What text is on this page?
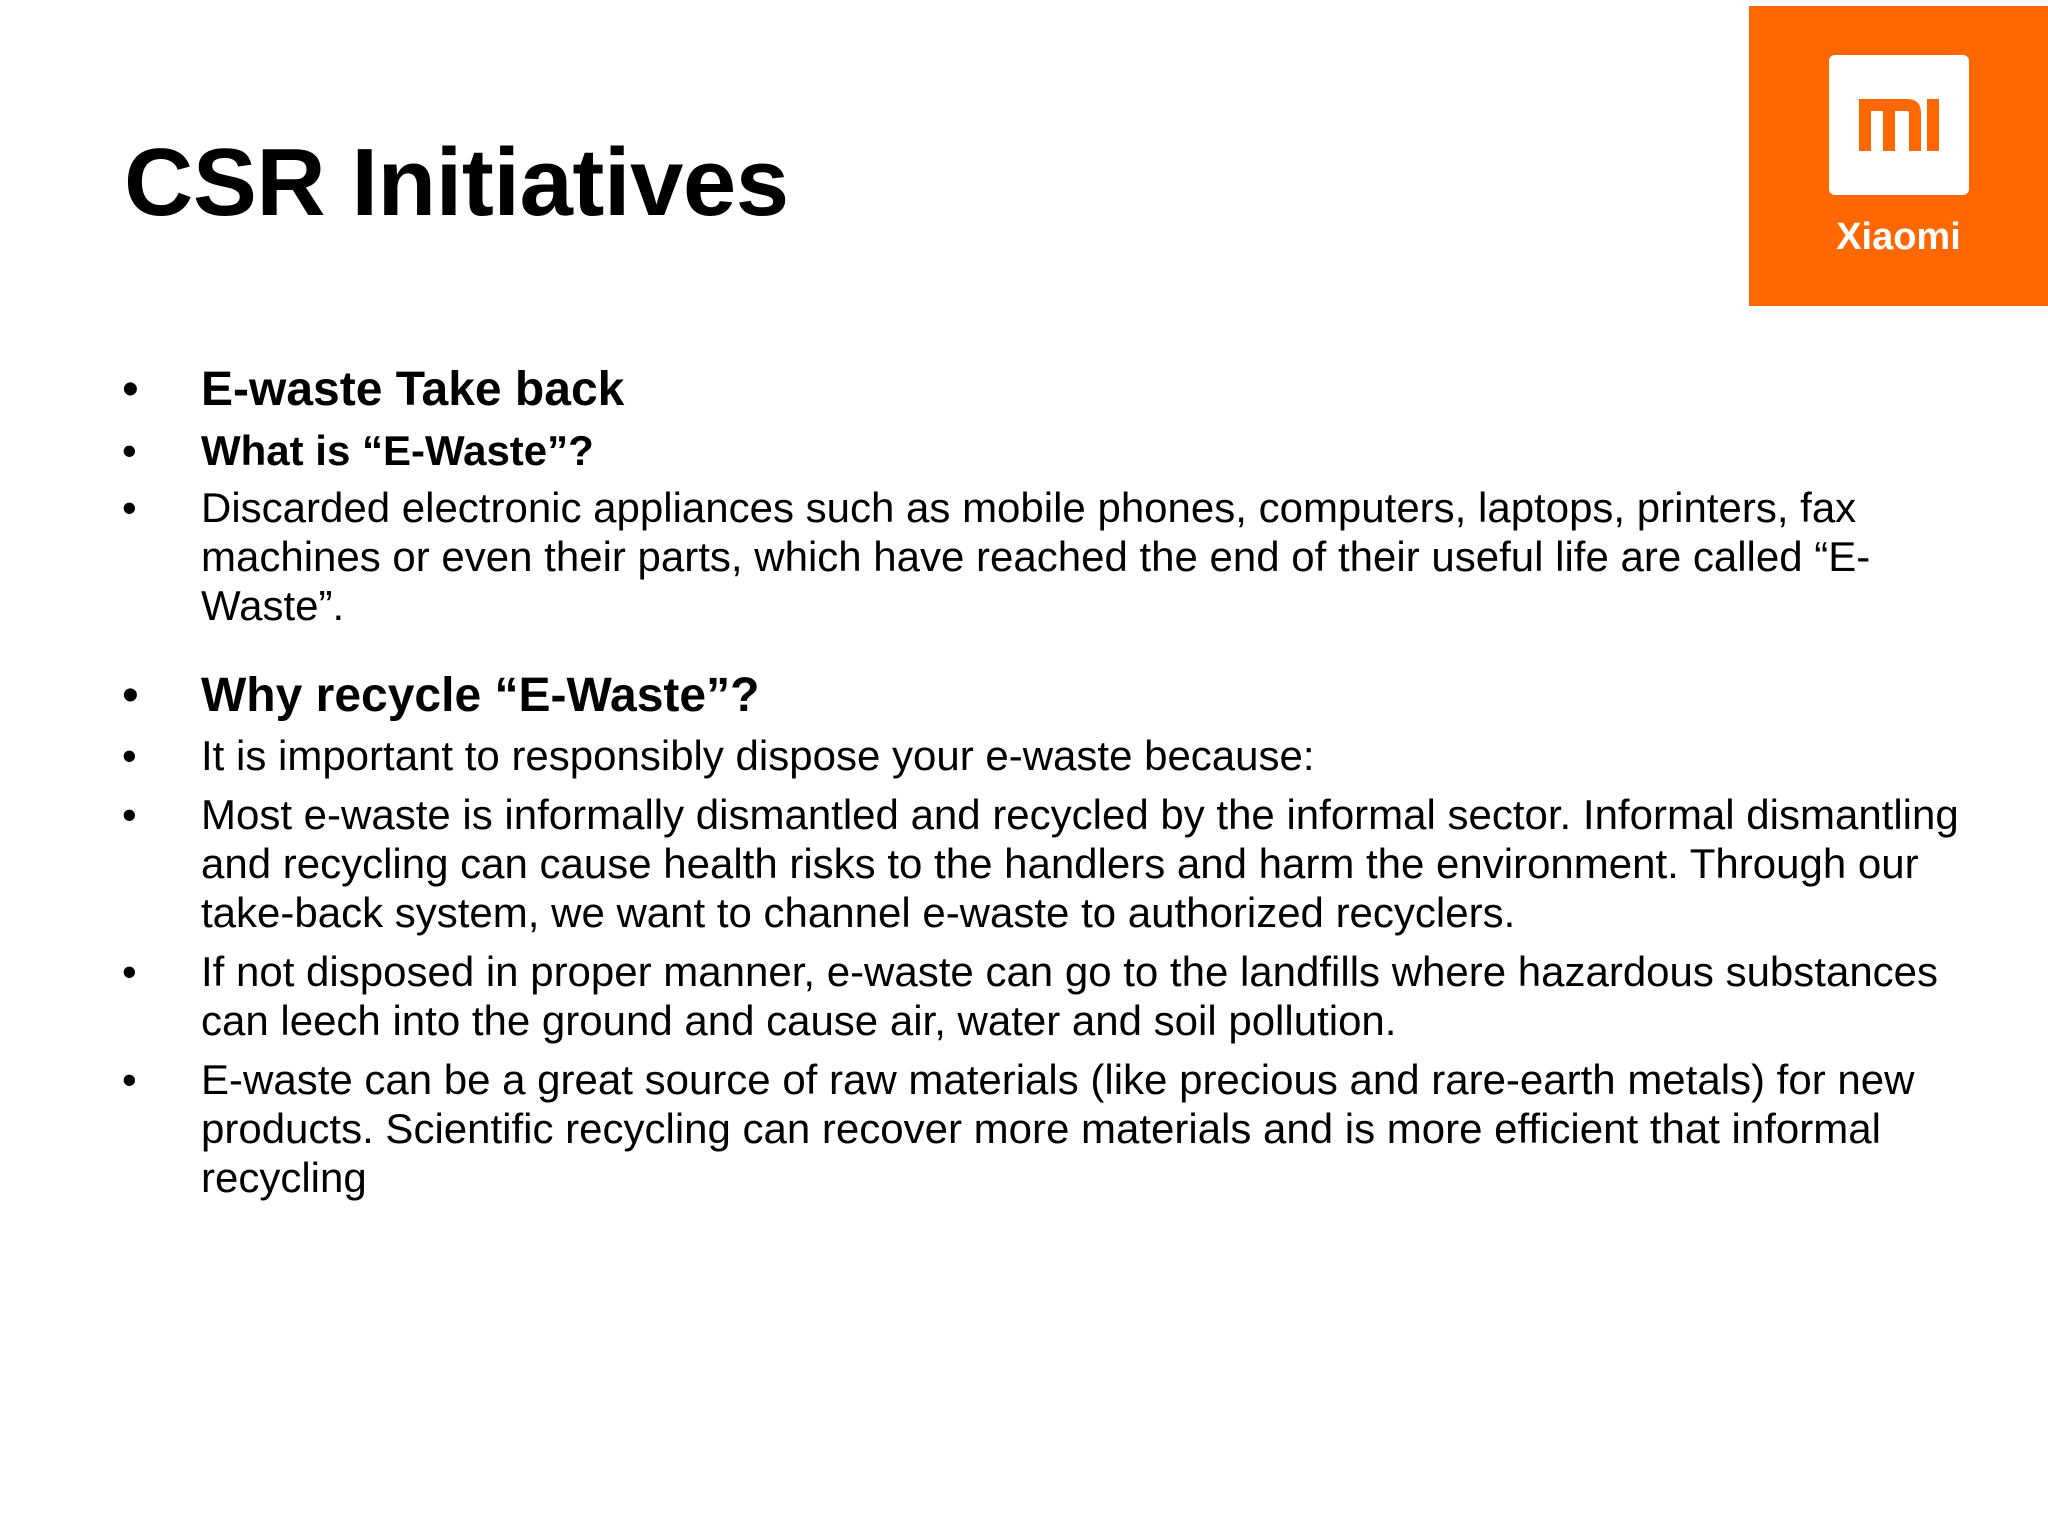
CSR Initiatives
Xiaomi
•	E-waste Take back
•	What is “E-Waste”?
•	Discarded electronic appliances such as mobile phones, computers, laptops, printers, fax machines or even their parts, which have reached the end of their useful life are called “E-Waste”.
•	Why recycle “E-Waste”?
•	It is important to responsibly dispose your e-waste because:
•	Most e-waste is informally dismantled and recycled by the informal sector. Informal dismantling and recycling can cause health risks to the handlers and harm the environment. Through our take-back system, we want to channel e-waste to authorized recyclers.
•	If not disposed in proper manner, e-waste can go to the landfills where hazardous substances can leech into the ground and cause air, water and soil pollution.
•	E-waste can be a great source of raw materials (like precious and rare-earth metals) for new products. Scientific recycling can recover more materials and is more efficient that informal recycling
